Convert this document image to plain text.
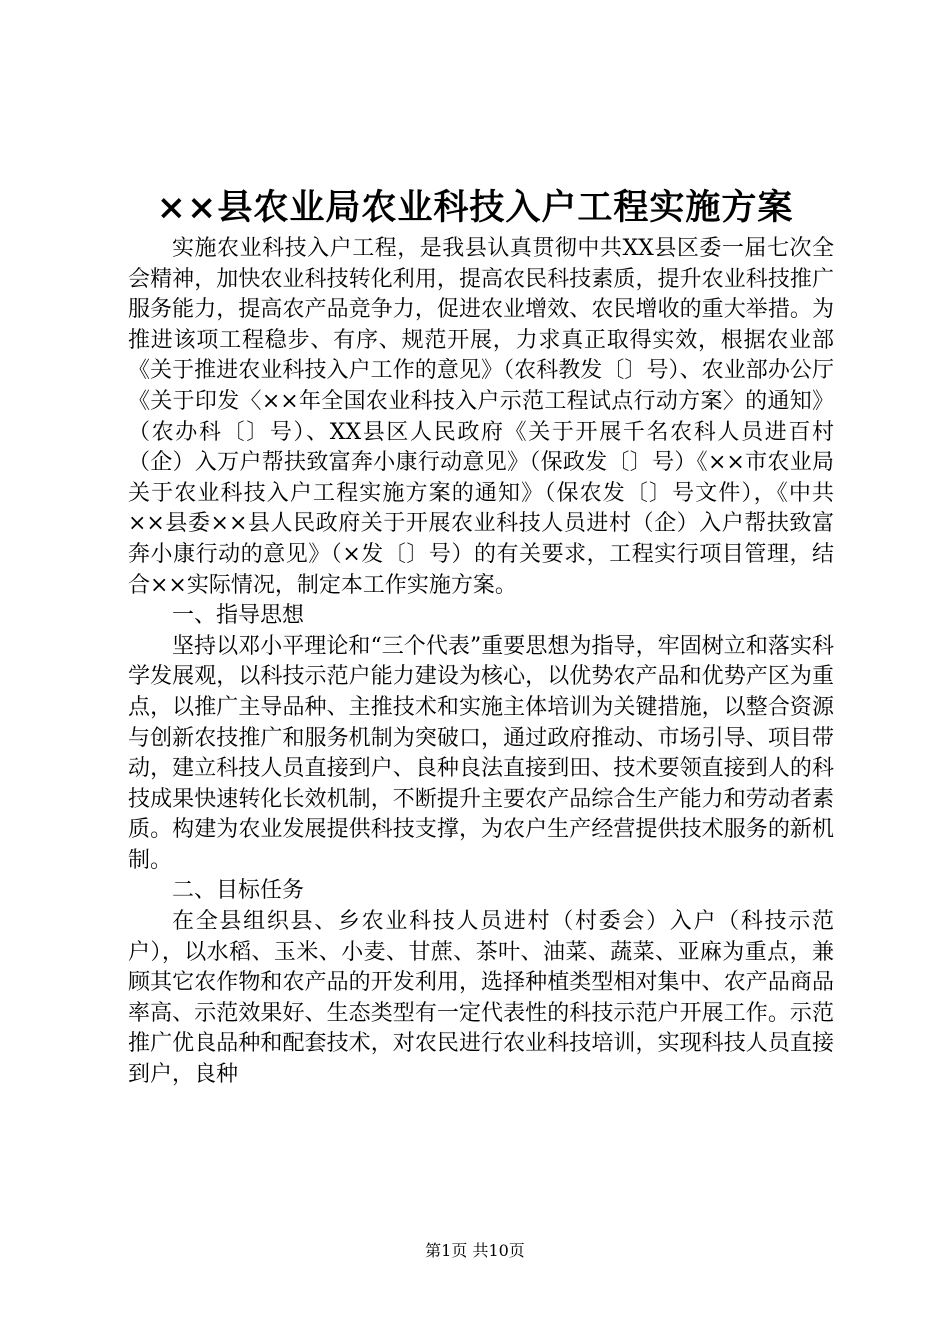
××县农业局农业科技入户工程实施方案

实施农业科技入户工程，是我县认真贯彻中共XX县区委一届七次全会精神，加快农业科技转化利用，提高农民科技素质，提升农业科技推广服务能力，提高农产品竞争力，促进农业增效、农民增收的重大举措。为推进该项工程稳步、有序、规范开展，力求真正取得实效，根据农业部《关于推进农业科技入户工作的意见》（农科教发〔〕号）、农业部办公厅《关于印发〈××年全国农业科技入户示范工程试点行动方案〉的通知》（农办科〔〕号）、XX县区人民政府《关于开展千名农科人员进百村（企）入万户帮扶致富奔小康行动意见》（保政发〔〕号）《××市农业局关于农业科技入户工程实施方案的通知》（保农发〔〕号文件），《中共××县委××县人民政府关于开展农业科技人员进村（企）入户帮扶致富奔小康行动的意见》（×发〔〕号）的有关要求，工程实行项目管理，结合××实际情况，制定本工作实施方案。

一、指导思想

坚持以邓小平理论和“三个代表”重要思想为指导，牢固树立和落实科学发展观，以科技示范户能力建设为核心，以优势农产品和优势产区为重点，以推广主导品种、主推技术和实施主体培训为关键措施，以整合资源与创新农技推广和服务机制为突破口，通过政府推动、市场引导、项目带动，建立科技人员直接到户、良种良法直接到田、技术要领直接到人的科技成果快速转化长效机制，不断提升主要农产品综合生产能力和劳动者素质。构建为农业发展提供科技支撑，为农户生产经营提供技术服务的新机制。

二、目标任务

在全县组织县、乡农业科技人员进村（村委会）入户（科技示范户），以水稻、玉米、小麦、甘蔗、茶叶、油菜、蔬菜、亚麻为重点，兼顾其它农作物和农产品的开发利用，选择种植类型相对集中、农产品商品率高、示范效果好、生态类型有一定代表性的科技示范户开展工作。示范推广优良品种和配套技术，对农民进行农业科技培训，实现科技人员直接到户，良种

第1页 共10页
